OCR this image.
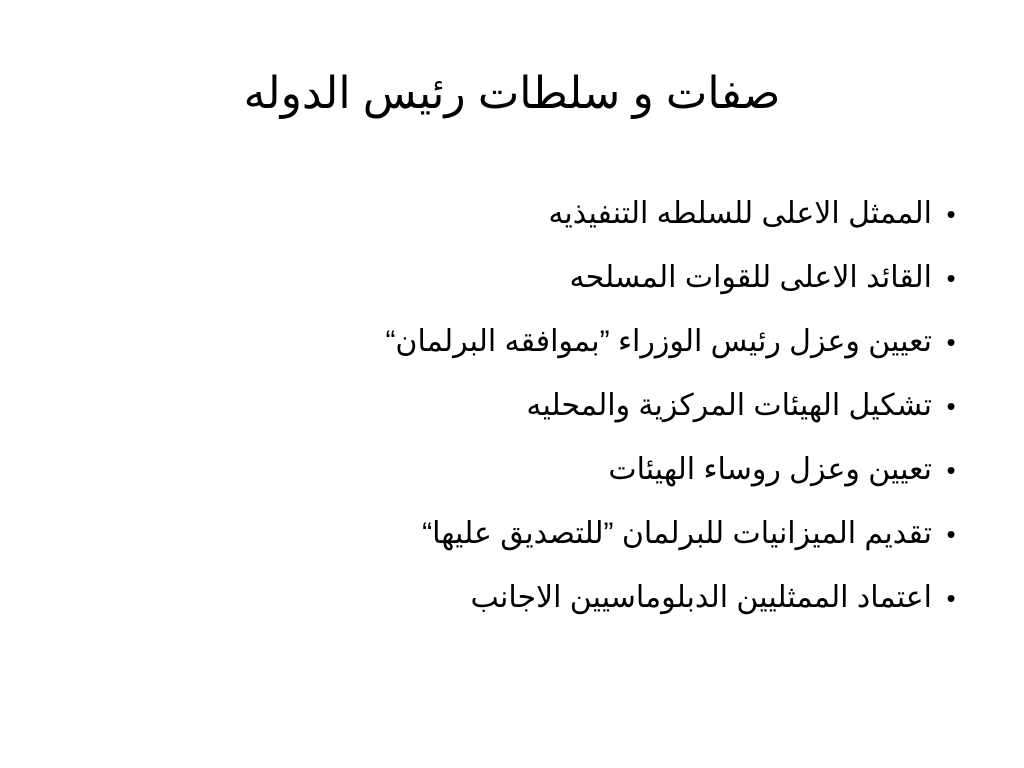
صفات و سلطات رئيس الدوله
•
الممثل الاعلى للسلطه التنفيذيه
•
القائد الاعلى للقوات المسلحه
•
تعيين وعزل رئيس الوزراء ”بموافقه البرلمان“
•
تشكيل الهيئات المركزية والمحليه
•
تعيين وعزل روساء الهيئات
•
تقديم الميزانيات للبرلمان ”للتصديق عليها“
•
اعتماد الممثليين الدبلوماسيين الاجانب
